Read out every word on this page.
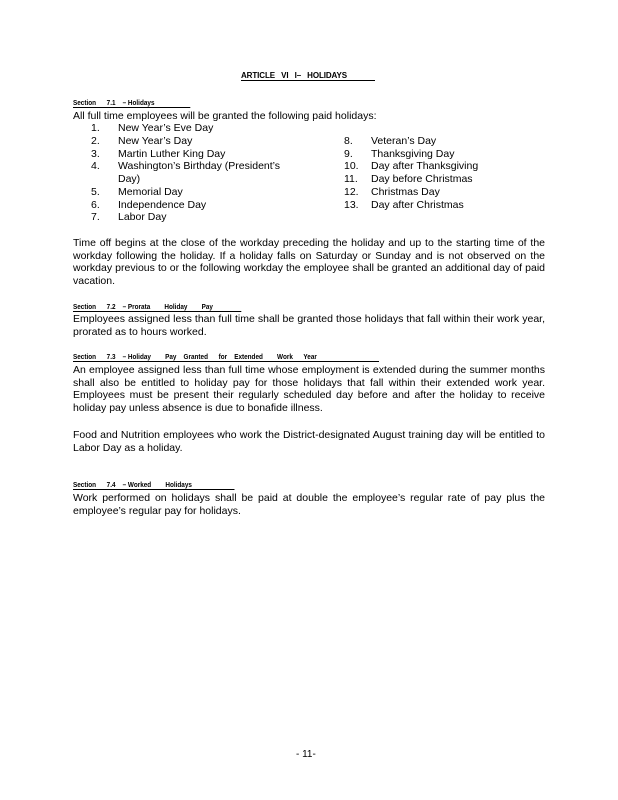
ARTICLE VI I– HOLIDAYS
Section      7.1    – Holidays
All full time employees will be granted the following paid holidays:
1. New Year’s Eve Day
2. New Year’s Day
3. Martin Luther King Day
4. Washington’s Birthday (President’s
Day)
5. Memorial Day
6. Independence Day
7. Labor Day
8. Veteran’s Day
9. Thanksgiving Day
10. Day after Thanksgiving
11. Day before Christmas
12. Christmas Day
13. Day after Christmas
Time off begins at the close of the workday preceding the holiday and up to the starting time of the workday following the holiday. If a holiday falls on Saturday or Sunday and is not observed on the workday previous to or the following workday the employee shall be granted an additional day of paid vacation.
Section      7.2    – Prorata        Holiday        Pay
Employees assigned less than full time shall be granted those holidays that fall within their work year, prorated as to hours worked.
Section      7.3    – Holiday        Pay    Granted      for    Extended        Work      Year
An employee assigned less than full time whose employment is extended during the summer months shall also be entitled to holiday pay for those holidays that fall within their extended work year. Employees must be present their regularly scheduled day before and after the holiday to receive holiday pay unless absence is due to bonafide illness.
Food and Nutrition employees who work the District-designated August training day will be entitled to Labor Day as a holiday.
Section      7.4    – Worked        Holidays
Work performed on holidays shall be paid at double the employee’s regular rate of pay plus the employee’s regular pay for holidays.
- 11-
